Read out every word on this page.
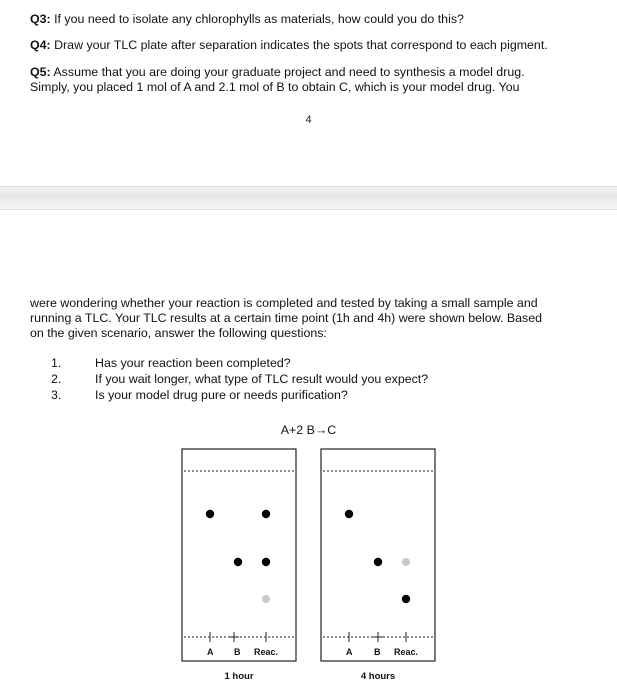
Q3: If you need to isolate any chlorophylls as materials, how could you do this?
Q4: Draw your TLC plate after separation indicates the spots that correspond to each pigment.
Q5: Assume that you are doing your graduate project and need to synthesis a model drug.
Simply, you placed 1 mol of A and 2.1 mol of B to obtain C, which is your model drug. You
4
were wondering whether your reaction is completed and tested by taking a small sample and
running a TLC. Your TLC results at a certain time point (1h and 4h) were shown below. Based
on the given scenario, answer the following questions:
1.	Has your reaction been completed?
2.	If you wait longer, what type of TLC result would you expect?
3.	Is your model drug pure or needs purification?
A+2 B→C
A B Reac.
1 hour
A B Reac.
4 hours
